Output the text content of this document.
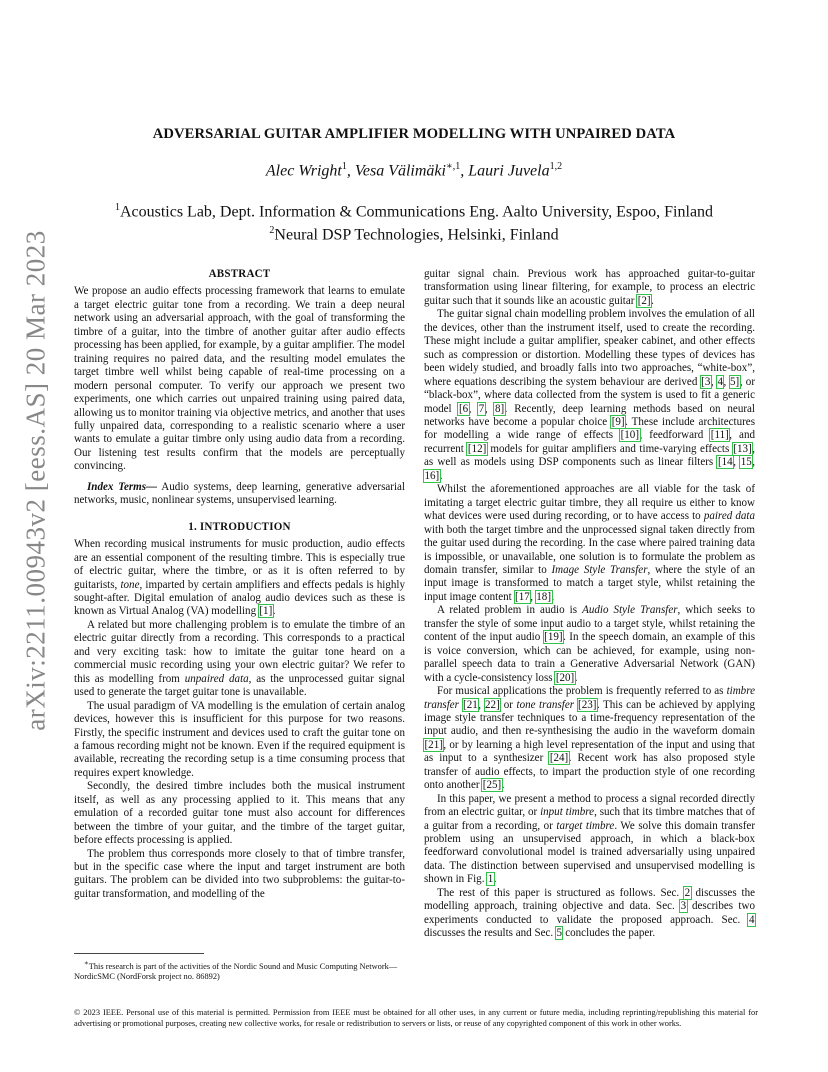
arXiv:2211.00943v2 [eess.AS] 20 Mar 2023
ADVERSARIAL GUITAR AMPLIFIER MODELLING WITH UNPAIRED DATA
Alec Wright$^1$, Vesa Välimäki$^{∗,1}$, Lauri Juvela$^{1,2}$
$^1$Acoustics Lab, Dept. Information & Communications Eng. Aalto University, Espoo, Finland
$^2$Neural DSP Technologies, Helsinki, Finland
ABSTRACT

We propose an audio effects processing framework that learns to emulate a target electric guitar tone from a recording. We train a deep neural network using an adversarial approach, with the goal of transforming the timbre of a guitar, into the timbre of another guitar after audio effects processing has been applied, for example, by a guitar amplifier. The model training requires no paired data, and the resulting model emulates the target timbre well whilst being capable of real-time processing on a modern personal computer. To verify our approach we present two experiments, one which carries out unpaired training using paired data, allowing us to monitor training via objective metrics, and another that uses fully unpaired data, corresponding to a realistic scenario where a user wants to emulate a guitar timbre only using audio data from a recording. Our listening test results confirm that the models are perceptually convincing.

Index Terms— Audio systems, deep learning, generative adversarial networks, music, nonlinear systems, unsupervised learning.

1. INTRODUCTION

When recording musical instruments for music production, audio effects are an essential component of the resulting timbre. This is especially true of electric guitar, where the timbre, or as it is often referred to by guitarists, tone, imparted by certain amplifiers and effects pedals is highly sought-after. Digital emulation of analog audio devices such as these is known as Virtual Analog (VA) modelling [1].

A related but more challenging problem is to emulate the timbre of an electric guitar directly from a recording. This corresponds to a practical and very exciting task: how to imitate the guitar tone heard on a commercial music recording using your own electric guitar? We refer to this as modelling from unpaired data, as the unprocessed guitar signal used to generate the target guitar tone is unavailable.

The usual paradigm of VA modelling is the emulation of certain analog devices, however this is insufficient for this purpose for two reasons. Firstly, the specific instrument and devices used to craft the guitar tone on a famous recording might not be known. Even if the required equipment is available, recreating the recording setup is a time consuming process that requires expert knowledge.

Secondly, the desired timbre includes both the musical instrument itself, as well as any processing applied to it. This means that any emulation of a recorded guitar tone must also account for differences between the timbre of your guitar, and the timbre of the target guitar, before effects processing is applied.

The problem thus corresponds more closely to that of timbre transfer, but in the specific case where the input and target instrument are both guitars. The problem can be divided into two subproblems: the guitar-to-guitar transformation, and modelling of the

guitar signal chain. Previous work has approached guitar-to-guitar transformation using linear filtering, for example, to process an electric guitar such that it sounds like an acoustic guitar [2].

The guitar signal chain modelling problem involves the emulation of all the devices, other than the instrument itself, used to create the recording. These might include a guitar amplifier, speaker cabinet, and other effects such as compression or distortion. Modelling these types of devices has been widely studied, and broadly falls into two approaches, “white-box”, where equations describing the system behaviour are derived [3, 4, 5], or “black-box”, where data collected from the system is used to fit a generic model [6, 7, 8]. Recently, deep learning methods based on neural networks have become a popular choice [9]. These include architectures for modelling a wide range of effects [10], feedforward [11], and recurrent [12] models for guitar amplifiers and time-varying effects [13], as well as models using DSP components such as linear filters [14, 15, 16].

Whilst the aforementioned approaches are all viable for the task of imitating a target electric guitar timbre, they all require us either to know what devices were used during recording, or to have access to paired data with both the target timbre and the unprocessed signal taken directly from the guitar used during the recording. In the case where paired training data is impossible, or unavailable, one solution is to formulate the problem as domain transfer, similar to Image Style Transfer, where the style of an input image is transformed to match a target style, whilst retaining the input image content [17, 18].

A related problem in audio is Audio Style Transfer, which seeks to transfer the style of some input audio to a target style, whilst retaining the content of the input audio [19]. In the speech domain, an example of this is voice conversion, which can be achieved, for example, using non-parallel speech data to train a Generative Adversarial Network (GAN) with a cycle-consistency loss [20].

For musical applications the problem is frequently referred to as timbre transfer [21, 22] or tone transfer [23]. This can be achieved by applying image style transfer techniques to a time-frequency representation of the input audio, and then re-synthesising the audio in the waveform domain [21], or by learning a high level representation of the input and using that as input to a synthesizer [24]. Recent work has also proposed style transfer of audio effects, to impart the production style of one recording onto another [25].

In this paper, we present a method to process a signal recorded directly from an electric guitar, or input timbre, such that its timbre matches that of a guitar from a recording, or target timbre. We solve this domain transfer problem using an unsupervised approach, in which a black-box feedforward convolutional model is trained adversarially using unpaired data. The distinction between supervised and unsupervised modelling is shown in Fig. 1.

The rest of this paper is structured as follows. Sec. 2 discusses the modelling approach, training objective and data. Sec. 3 describes two experiments conducted to validate the proposed approach. Sec. 4 discusses the results and Sec. 5 concludes the paper.

∗This research is part of the activities of the Nordic Sound and Music Computing Network—NordicSMC (NordForsk project no. 86892)
© 2023 IEEE. Personal use of this material is permitted. Permission from IEEE must be obtained for all other uses, in any current or future media, including reprinting/republishing this material for advertising or promotional purposes, creating new collective works, for resale or redistribution to servers or lists, or reuse of any copyrighted component of this work in other works.
